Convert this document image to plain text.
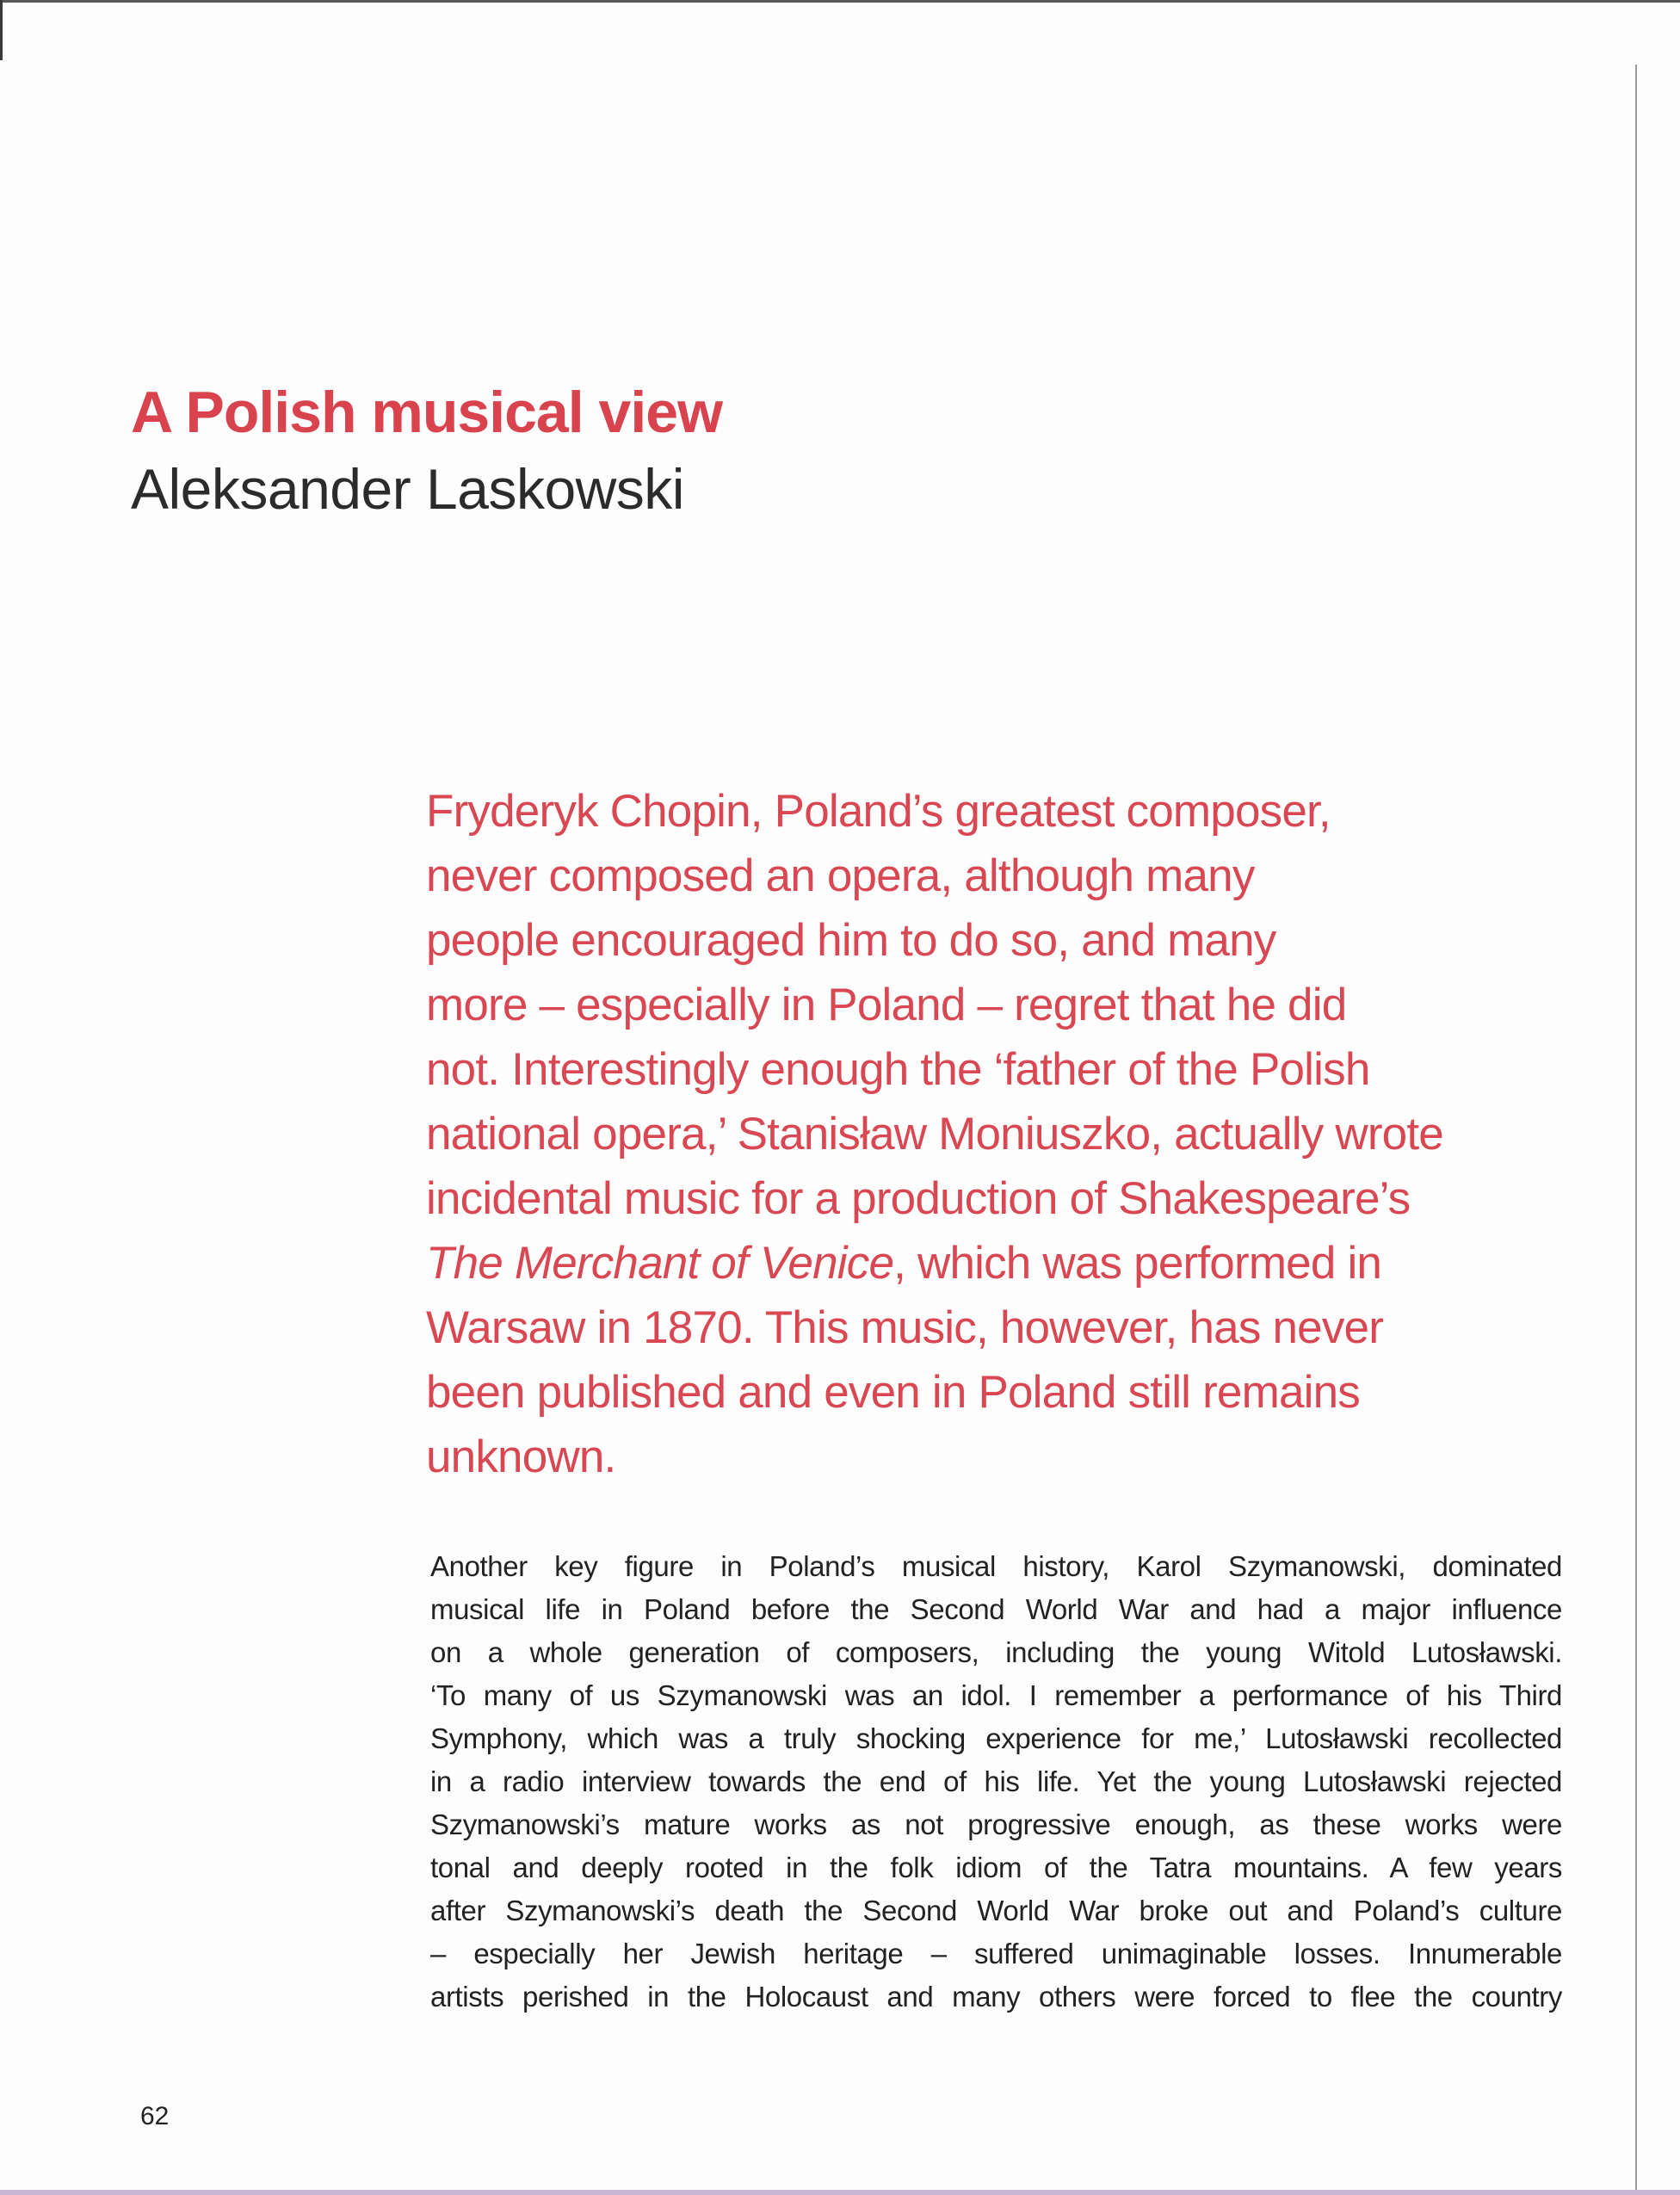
A Polish musical view
Aleksander Laskowski
Fryderyk Chopin, Poland’s greatest composer,
never composed an opera, although many
people encouraged him to do so, and many
more – especially in Poland – regret that he did
not. Interestingly enough the ‘father of the Polish
national opera,’ Stanisław Moniuszko, actually wrote
incidental music for a production of Shakespeare’s
The Merchant of Venice, which was performed in
Warsaw in 1870. This music, however, has never
been published and even in Poland still remains
unknown.
Another key figure in Poland’s musical history, Karol Szymanowski, dominated
musical life in Poland before the Second World War and had a major influence
on a whole generation of composers, including the young Witold Lutosławski.
‘To many of us Szymanowski was an idol. I remember a performance of his Third
Symphony, which was a truly shocking experience for me,’ Lutosławski recollected
in a radio interview towards the end of his life. Yet the young Lutosławski rejected
Szymanowski’s mature works as not progressive enough, as these works were
tonal and deeply rooted in the folk idiom of the Tatra mountains. A few years
after Szymanowski’s death the Second World War broke out and Poland’s culture
– especially her Jewish heritage – suffered unimaginable losses. Innumerable
artists perished in the Holocaust and many others were forced to flee the country
62
